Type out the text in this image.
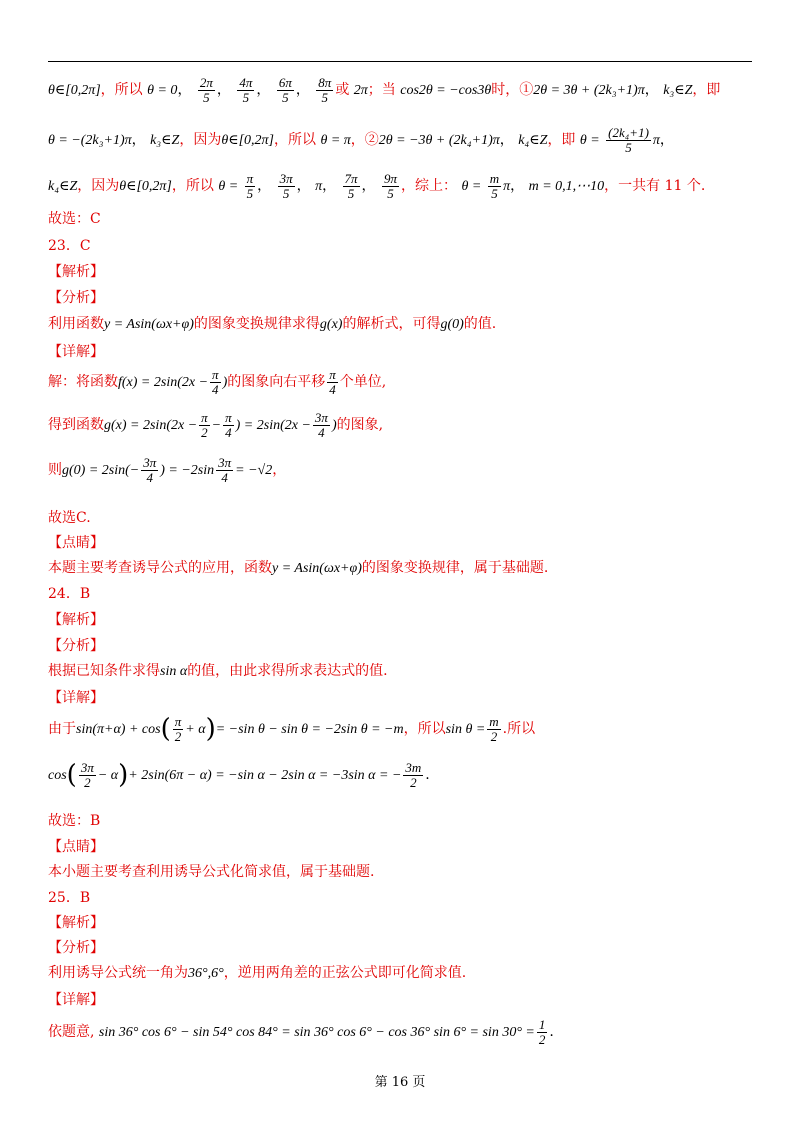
θ∈[0,2π]，所以 θ = 0， $\frac{2\pi}{5}$ ， $\frac{4\pi}{5}$ ， $\frac{6\pi}{5}$ ， $\frac{8\pi}{5}$ 或 2π；当 cos2θ = −cos3θ时，①2θ = 3θ + (2k₃+1)π， k₃∈Z，即
θ = −(2k₃+1)π， k₃∈Z，因为θ∈[0,2π]，所以 θ = π，②2θ = −3θ + (2k₄+1)π， k₄∈Z，即 $\theta = \frac{\text{(2k₄+1)}}{5}$ π，
k₄∈Z，因为θ∈[0,2π]，所以 $\theta = \frac{\pi}{5}$ ， $\frac{3\pi}{5}$ ， π， $\frac{7\pi}{5}$ ， $\frac{9\pi}{5}$ ，综上： $\theta = \frac{m}{5}$ π， m = 0,1,⋯10，一共有 11 个.
故选：C
23．C
【解析】
【分析】
利用函数y = Asin(ωx+φ)的图象变换规律求得g(x)的解析式，可得g(0)的值.
【详解】
解：将函数$f(x) = 2\sin(2x - \frac{\pi}{4}$ )的图象向右平移 $\frac{\pi}{4}$ 个单位,
得到函数$g(x) = 2\sin(2x - \frac{\pi}{2} - \frac{\pi}{4}$ ) = $2\sin(2x - \frac{3\pi}{4}$ )的图象,
则$g(0) = 2\sin(- \frac{3\pi}{4}$ ) = $-2\sin \frac{3\pi}{4} = -√2$，
故选C.
【点睛】
本题主要考查诱导公式的应用，函数y = Asin(ωx+φ)的图象变换规律，属于基础题.
24．B
【解析】
【分析】
根据已知条件求得sin α的值，由此求得所求表达式的值.
【详解】
由于$\sin(\pi+\alpha) + \cos( \frac{\pi}{2} + \alpha)= -\sin$ θ − sin θ = −2sin θ = −m，所以$\sin \theta = \frac{m}{2}$ .所以
$\cos( \frac{3\pi}{2} - \alpha)+ 2\sin(6\pi - \alpha) = -\sin$ α − 2sin α = −3sin α = − $\frac{3m}{2}$ .
故选：B
【点睛】
本小题主要考查利用诱导公式化简求值，属于基础题.
25．B
【解析】
【分析】
利用诱导公式统一角为36°,6°，逆用两角差的正弦公式即可化简求值.
【详解】
依题意, sin 36° cos 6° − sin 54° cos 84° = sin 36° cos 6° − cos 36° $\sin 6^\circ = \sin 30^\circ = \frac{1}{2}$ .
第 16 页
